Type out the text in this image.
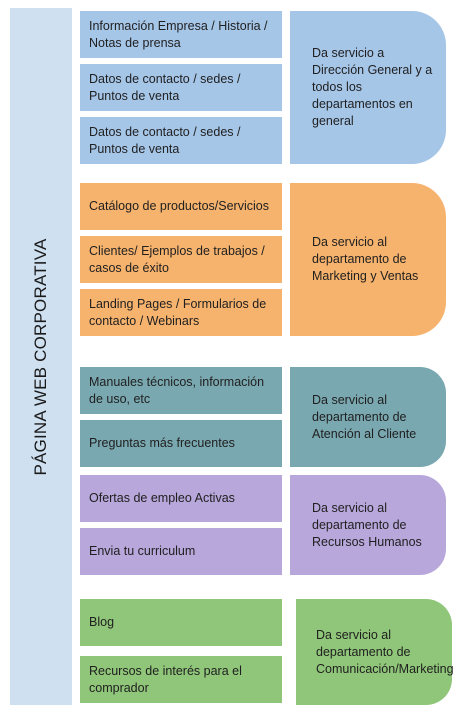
PÁGINA WEB CORPORATIVA
Información Empresa / Historia / Notas de prensa
Datos de contacto / sedes / Puntos de venta
Datos de contacto / sedes / Puntos de venta
Da servicio a Dirección General y a todos los departamentos en general
Catálogo de productos/Servicios
Clientes/ Ejemplos de trabajos / casos de éxito
Landing Pages / Formularios de contacto / Webinars
Da servicio al departamento de Marketing y Ventas
Manuales técnicos, información de uso, etc
Preguntas más frecuentes
Da servicio al departamento de Atención al Cliente
Ofertas de empleo Activas
Envia tu curriculum
Da servicio al departamento de Recursos Humanos
Blog
Recursos de interés para el comprador
Da servicio al departamento de Comunicación/Marketing
